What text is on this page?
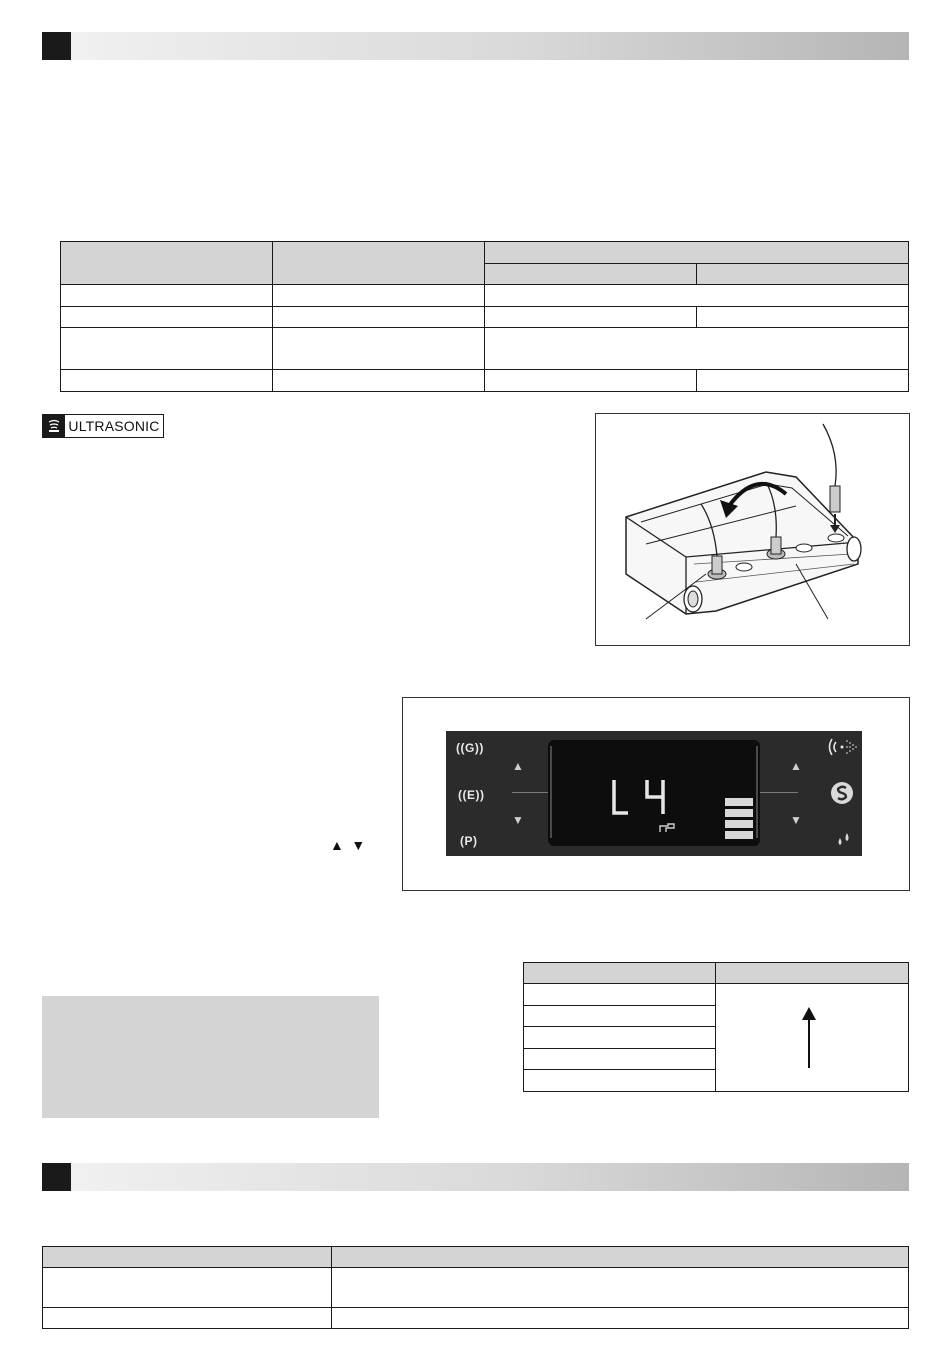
ULTRASONIC
((G))
((E))
(P)
▲
▼
▲
▼
▲ ▼
